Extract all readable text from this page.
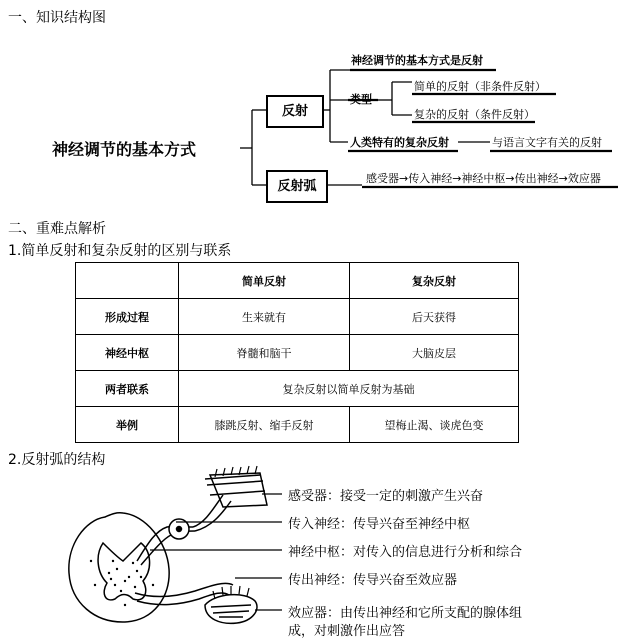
一、知识结构图
神经调节的基本方式
反射
反射弧
神经调节的基本方式是反射
类型
简单的反射（非条件反射）
复杂的反射（条件反射）
人类特有的复杂反射	与语言文字有关的反射
感受器→传入神经→神经中枢→传出神经→效应器
二、重难点解析
1.简单反射和复杂反射的区别与联系
	简单反射	复杂反射
形成过程	生来就有	后天获得
神经中枢	脊髓和脑干	大脑皮层
两者联系	复杂反射以简单反射为基础	
举例	膝跳反射、缩手反射	望梅止渴、谈虎色变
2.反射弧的结构
感受器：接受一定的刺激产生兴奋
传入神经：传导兴奋至神经中枢
神经中枢：对传入的信息进行分析和综合
传出神经：传导兴奋至效应器
效应器：由传出神经和它所支配的腺体组
成，对刺激作出应答
